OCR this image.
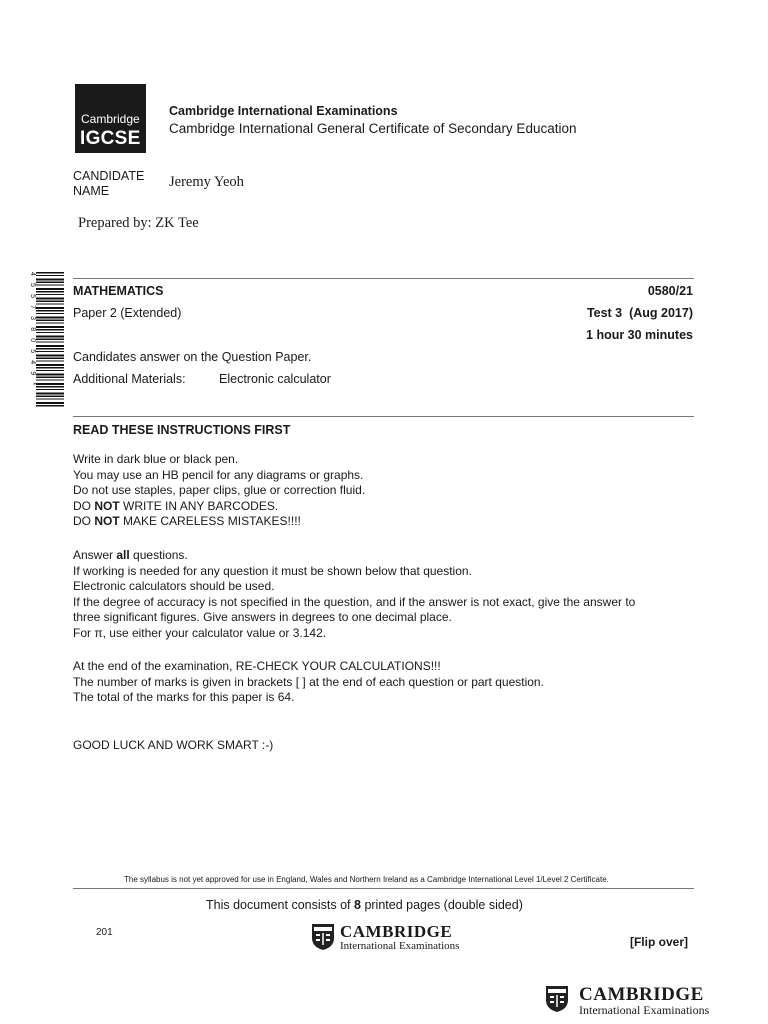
Cambridge
IGCSE
Cambridge International Examinations
Cambridge International General Certificate of Secondary Education
CANDIDATE
NAME
Jeremy Yeoh
Prepared by: ZK Tee
4 5 5 7 3 8 0 5 4 9 *	MATHEMATICS	0580/21
Paper 2 (Extended)	Test 3  (Aug 2017)
1 hour 30 minutes
Candidates answer on the Question Paper.
Additional Materials:	Electronic calculator
READ THESE INSTRUCTIONS FIRST

Write in dark blue or black pen.

You may use an HB pencil for any diagrams or graphs.

Do not use staples, paper clips, glue or correction fluid.

DO NOT WRITE IN ANY BARCODES.

DO NOT MAKE CARELESS MISTAKES!!!!

Answer all questions.

If working is needed for any question it must be shown below that question.

Electronic calculators should be used.

If the degree of accuracy is not specified in the question, and if the answer is not exact, give the answer to

three significant figures. Give answers in degrees to one decimal place.

For π, use either your calculator value or 3.142.

At the end of the examination, RE-CHECK YOUR CALCULATIONS!!!

The number of marks is given in brackets [ ] at the end of each question or part question.

The total of the marks for this paper is 64.

GOOD LUCK AND WORK SMART :-)
The syllabus is not yet approved for use in England, Wales and Northern Ireland as a Cambridge International Level 1/Level 2 Certificate.
This document consists of 8 printed pages (double sided)
201
[Flip over]
CAMBRIDGE
International Examinations
CAMBRIDGE
International Examinations
